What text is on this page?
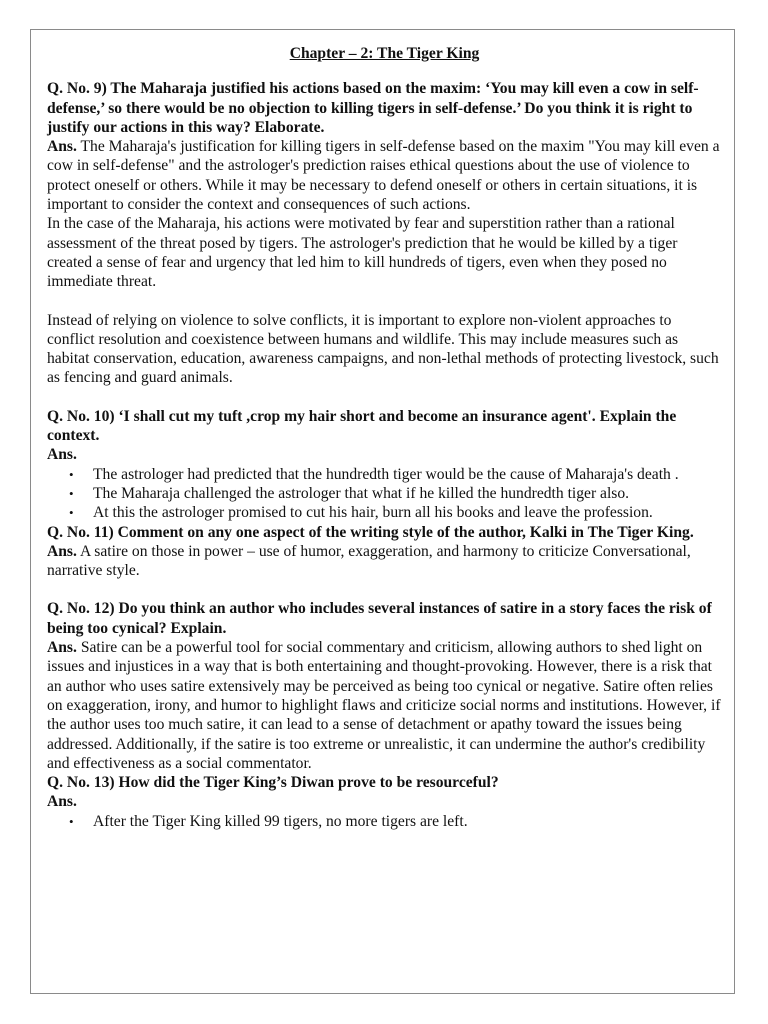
Chapter – 2: The Tiger King

Q. No. 9) The Maharaja justified his actions based on the maxim: ‘You may kill even a cow in self-defense,’ so there would be no objection to killing tigers in self-defense.’ Do you think it is right to justify our actions in this way? Elaborate.

Ans. The Maharaja's justification for killing tigers in self-defense based on the maxim "You may kill even a cow in self-defense" and the astrologer's prediction raises ethical questions about the use of violence to protect oneself or others. While it may be necessary to defend oneself or others in certain situations, it is important to consider the context and consequences of such actions.

In the case of the Maharaja, his actions were motivated by fear and superstition rather than a rational assessment of the threat posed by tigers. The astrologer's prediction that he would be killed by a tiger created a sense of fear and urgency that led him to kill hundreds of tigers, even when they posed no immediate threat.

Instead of relying on violence to solve conflicts, it is important to explore non-violent approaches to conflict resolution and coexistence between humans and wildlife. This may include measures such as habitat conservation, education, awareness campaigns, and non-lethal methods of protecting livestock, such as fencing and guard animals.

Q. No. 10) ‘I shall cut my tuft ,crop my hair short and become an insurance agent'. Explain the context.

Ans.

• The astrologer had predicted that the hundredth tiger would be the cause of Maharaja's death .
• The Maharaja challenged the astrologer that what if he killed the hundredth tiger also.
• At this the astrologer promised to cut his hair, burn all his books and leave the profession.

Q. No. 11) Comment on any one aspect of the writing style of the author, Kalki in The Tiger King.

Ans. A satire on those in power – use of humor, exaggeration, and harmony to criticize Conversational, narrative style.

Q. No. 12) Do you think an author who includes several instances of satire in a story faces the risk of being too cynical? Explain.

Ans. Satire can be a powerful tool for social commentary and criticism, allowing authors to shed light on issues and injustices in a way that is both entertaining and thought-provoking. However, there is a risk that an author who uses satire extensively may be perceived as being too cynical or negative. Satire often relies on exaggeration, irony, and humor to highlight flaws and criticize social norms and institutions. However, if the author uses too much satire, it can lead to a sense of detachment or apathy toward the issues being addressed. Additionally, if the satire is too extreme or unrealistic, it can undermine the author's credibility and effectiveness as a social commentator.

Q. No. 13) How did the Tiger King’s Diwan prove to be resourceful?

Ans.

• After the Tiger King killed 99 tigers, no more tigers are left.
